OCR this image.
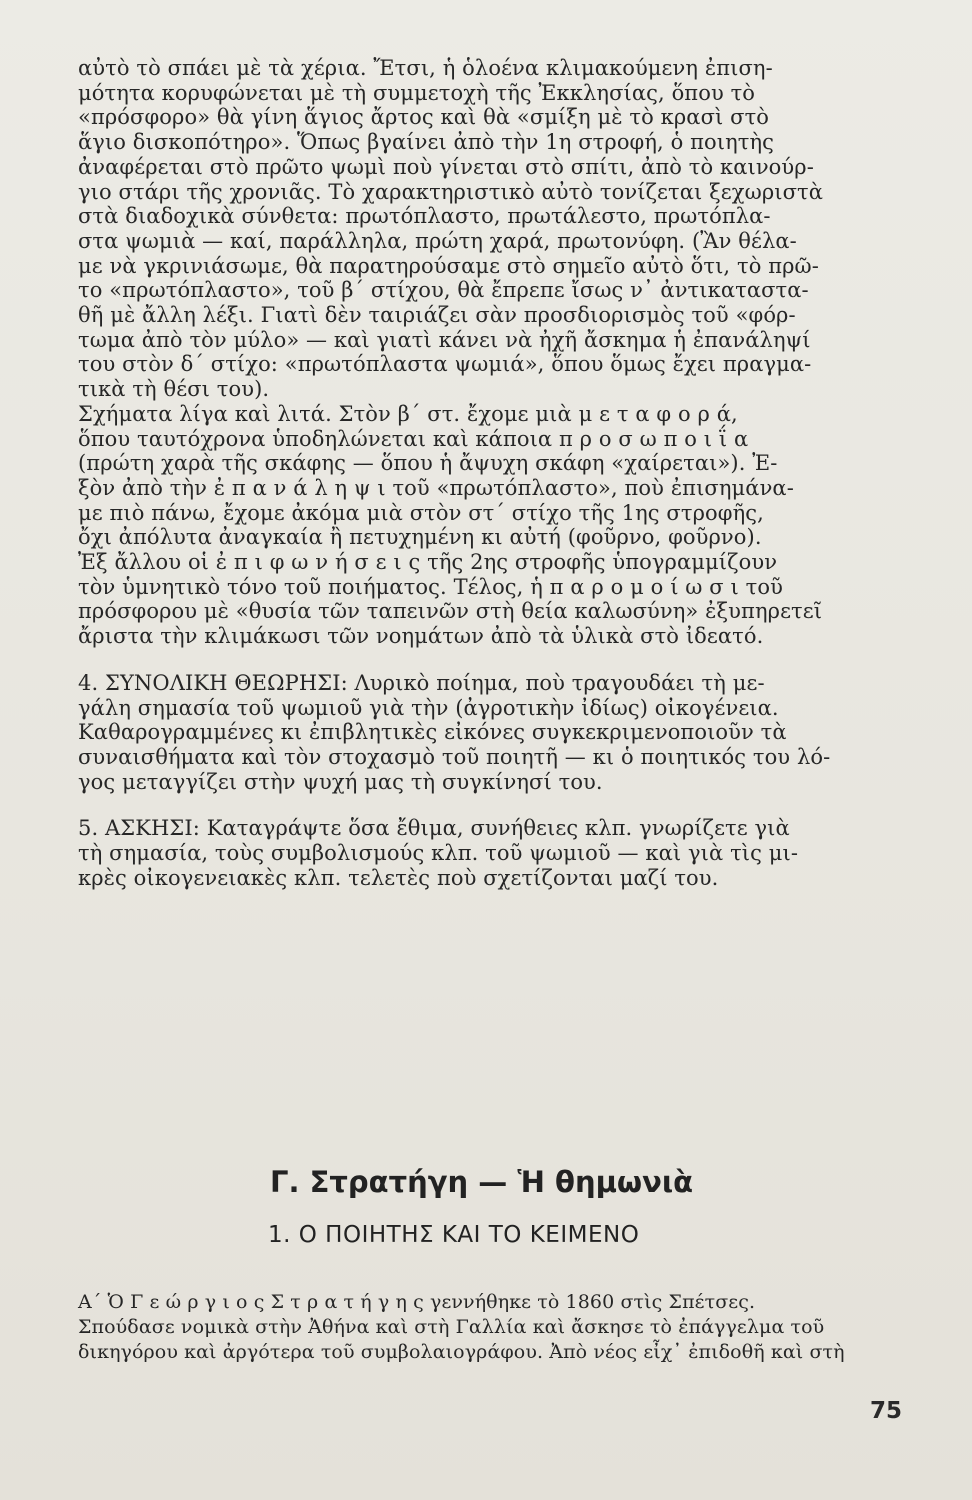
αὐτὸ τὸ σπάει μὲ τὰ χέρια. Ἔτσι, ἡ ὁλοένα κλιμακούμενη ἐπιση-
μότητα κορυφώνεται μὲ τὴ συμμετοχὴ τῆς Ἐκκλησίας, ὅπου τὸ
«πρόσφορο» θὰ γίνη ἅγιος ἄρτος καὶ θὰ «σμίξη μὲ τὸ κρασὶ στὸ
ἅγιο δισκοπότηρο». Ὅπως βγαίνει ἀπὸ τὴν 1η στροφή, ὁ ποιητὴς
ἀναφέρεται στὸ πρῶτο ψωμὶ ποὺ γίνεται στὸ σπίτι, ἀπὸ τὸ καινούρ-
γιο στάρι τῆς χρονιᾶς. Τὸ χαρακτηριστικὸ αὐτὸ τονίζεται ξεχωριστὰ
στὰ διαδοχικὰ σύνθετα: πρωτόπλαστο, πρωτάλεστο, πρωτόπλα-
στα ψωμιὰ — καί, παράλληλα, πρώτη χαρά, πρωτονύφη. (Ἂν θέλα-
με νὰ γκρινιάσωμε, θὰ παρατηρούσαμε στὸ σημεῖο αὐτὸ ὅτι, τὸ πρῶ-
το «πρωτόπλαστο», τοῦ β΄ στίχου, θὰ ἔπρεπε ἴσως ν᾽ ἀντικαταστα-
θῆ μὲ ἄλλη λέξι. Γιατὶ δὲν ταιριάζει σὰν προσδιορισμὸς τοῦ «φόρ-
τωμα ἀπὸ τὸν μύλο» — καὶ γιατὶ κάνει νὰ ἠχῆ ἄσκημα ἡ ἐπανάληψί
του στὸν δ΄ στίχο: «πρωτόπλαστα ψωμιά», ὅπου ὅμως ἔχει πραγμα-
τικὰ τὴ θέσι του).
Σχήματα λίγα καὶ λιτά. Στὸν β΄ στ. ἔχομε μιὰ μ ε τ α φ ο ρ ά,
ὅπου ταυτόχρονα ὑποδηλώνεται καὶ κάποια π ρ ο σ ω π ο ι ΐ α
(πρώτη χαρὰ τῆς σκάφης — ὅπου ἡ ἄψυχη σκάφη «χαίρεται»). Ἐ-
ξὸν ἀπὸ τὴν ἐ π α ν ά λ η ψ ι τοῦ «πρωτόπλαστο», ποὺ ἐπισημάνα-
με πιὸ πάνω, ἔχομε ἀκόμα μιὰ στὸν στ΄ στίχο τῆς 1ης στροφῆς,
ὄχι ἀπόλυτα ἀναγκαία ἢ πετυχημένη κι αὐτή (φοῦρνο, φοῦρνο).
Ἐξ ἄλλου οἱ ἐ π ι φ ω ν ή σ ε ι ς τῆς 2ης στροφῆς ὑπογραμμίζουν
τὸν ὑμνητικὸ τόνο τοῦ ποιήματος. Τέλος, ἡ π α ρ ο μ ο ί ω σ ι τοῦ
πρόσφορου μὲ «θυσία τῶν ταπεινῶν στὴ θεία καλωσύνη» ἐξυπηρετεῖ
ἄριστα τὴν κλιμάκωσι τῶν νοημάτων ἀπὸ τὰ ὑλικὰ στὸ ἰδεατό.
4. ΣΥΝΟΛΙΚΗ ΘΕΩΡΗΣΙ: Λυρικὸ ποίημα, ποὺ τραγουδάει τὴ με-
γάλη σημασία τοῦ ψωμιοῦ γιὰ τὴν (ἀγροτικὴν ἰδίως) οἰκογένεια.
Καθαρογραμμένες κι ἐπιβλητικὲς εἰκόνες συγκεκριμενοποιοῦν τὰ
συναισθήματα καὶ τὸν στοχασμὸ τοῦ ποιητῆ — κι ὁ ποιητικός του λό-
γος μεταγγίζει στὴν ψυχή μας τὴ συγκίνησί του.
5. ΑΣΚΗΣΙ: Καταγράψτε ὅσα ἔθιμα, συνήθειες κλπ. γνωρίζετε γιὰ
τὴ σημασία, τοὺς συμβολισμούς κλπ. τοῦ ψωμιοῦ — καὶ γιὰ τὶς μι-
κρὲς οἰκογενειακὲς κλπ. τελετὲς ποὺ σχετίζονται μαζί του.
Γ. Στρατήγη — Ἡ θημωνιὰ
1. Ο ΠΟΙΗΤΗΣ ΚΑΙ ΤΟ ΚΕΙΜΕΝΟ
Α΄ Ὁ Γ ε ώ ρ γ ι ο ς Σ τ ρ α τ ή γ η ς γεννήθηκε τὸ 1860 στὶς Σπέτσες.
Σπούδασε νομικὰ στὴν Ἀθήνα καὶ στὴ Γαλλία καὶ ἄσκησε τὸ ἐπάγγελμα τοῦ
δικηγόρου καὶ ἀργότερα τοῦ συμβολαιογράφου. Ἀπὸ νέος εἶχ᾽ ἐπιδοθῆ καὶ στὴ
75
